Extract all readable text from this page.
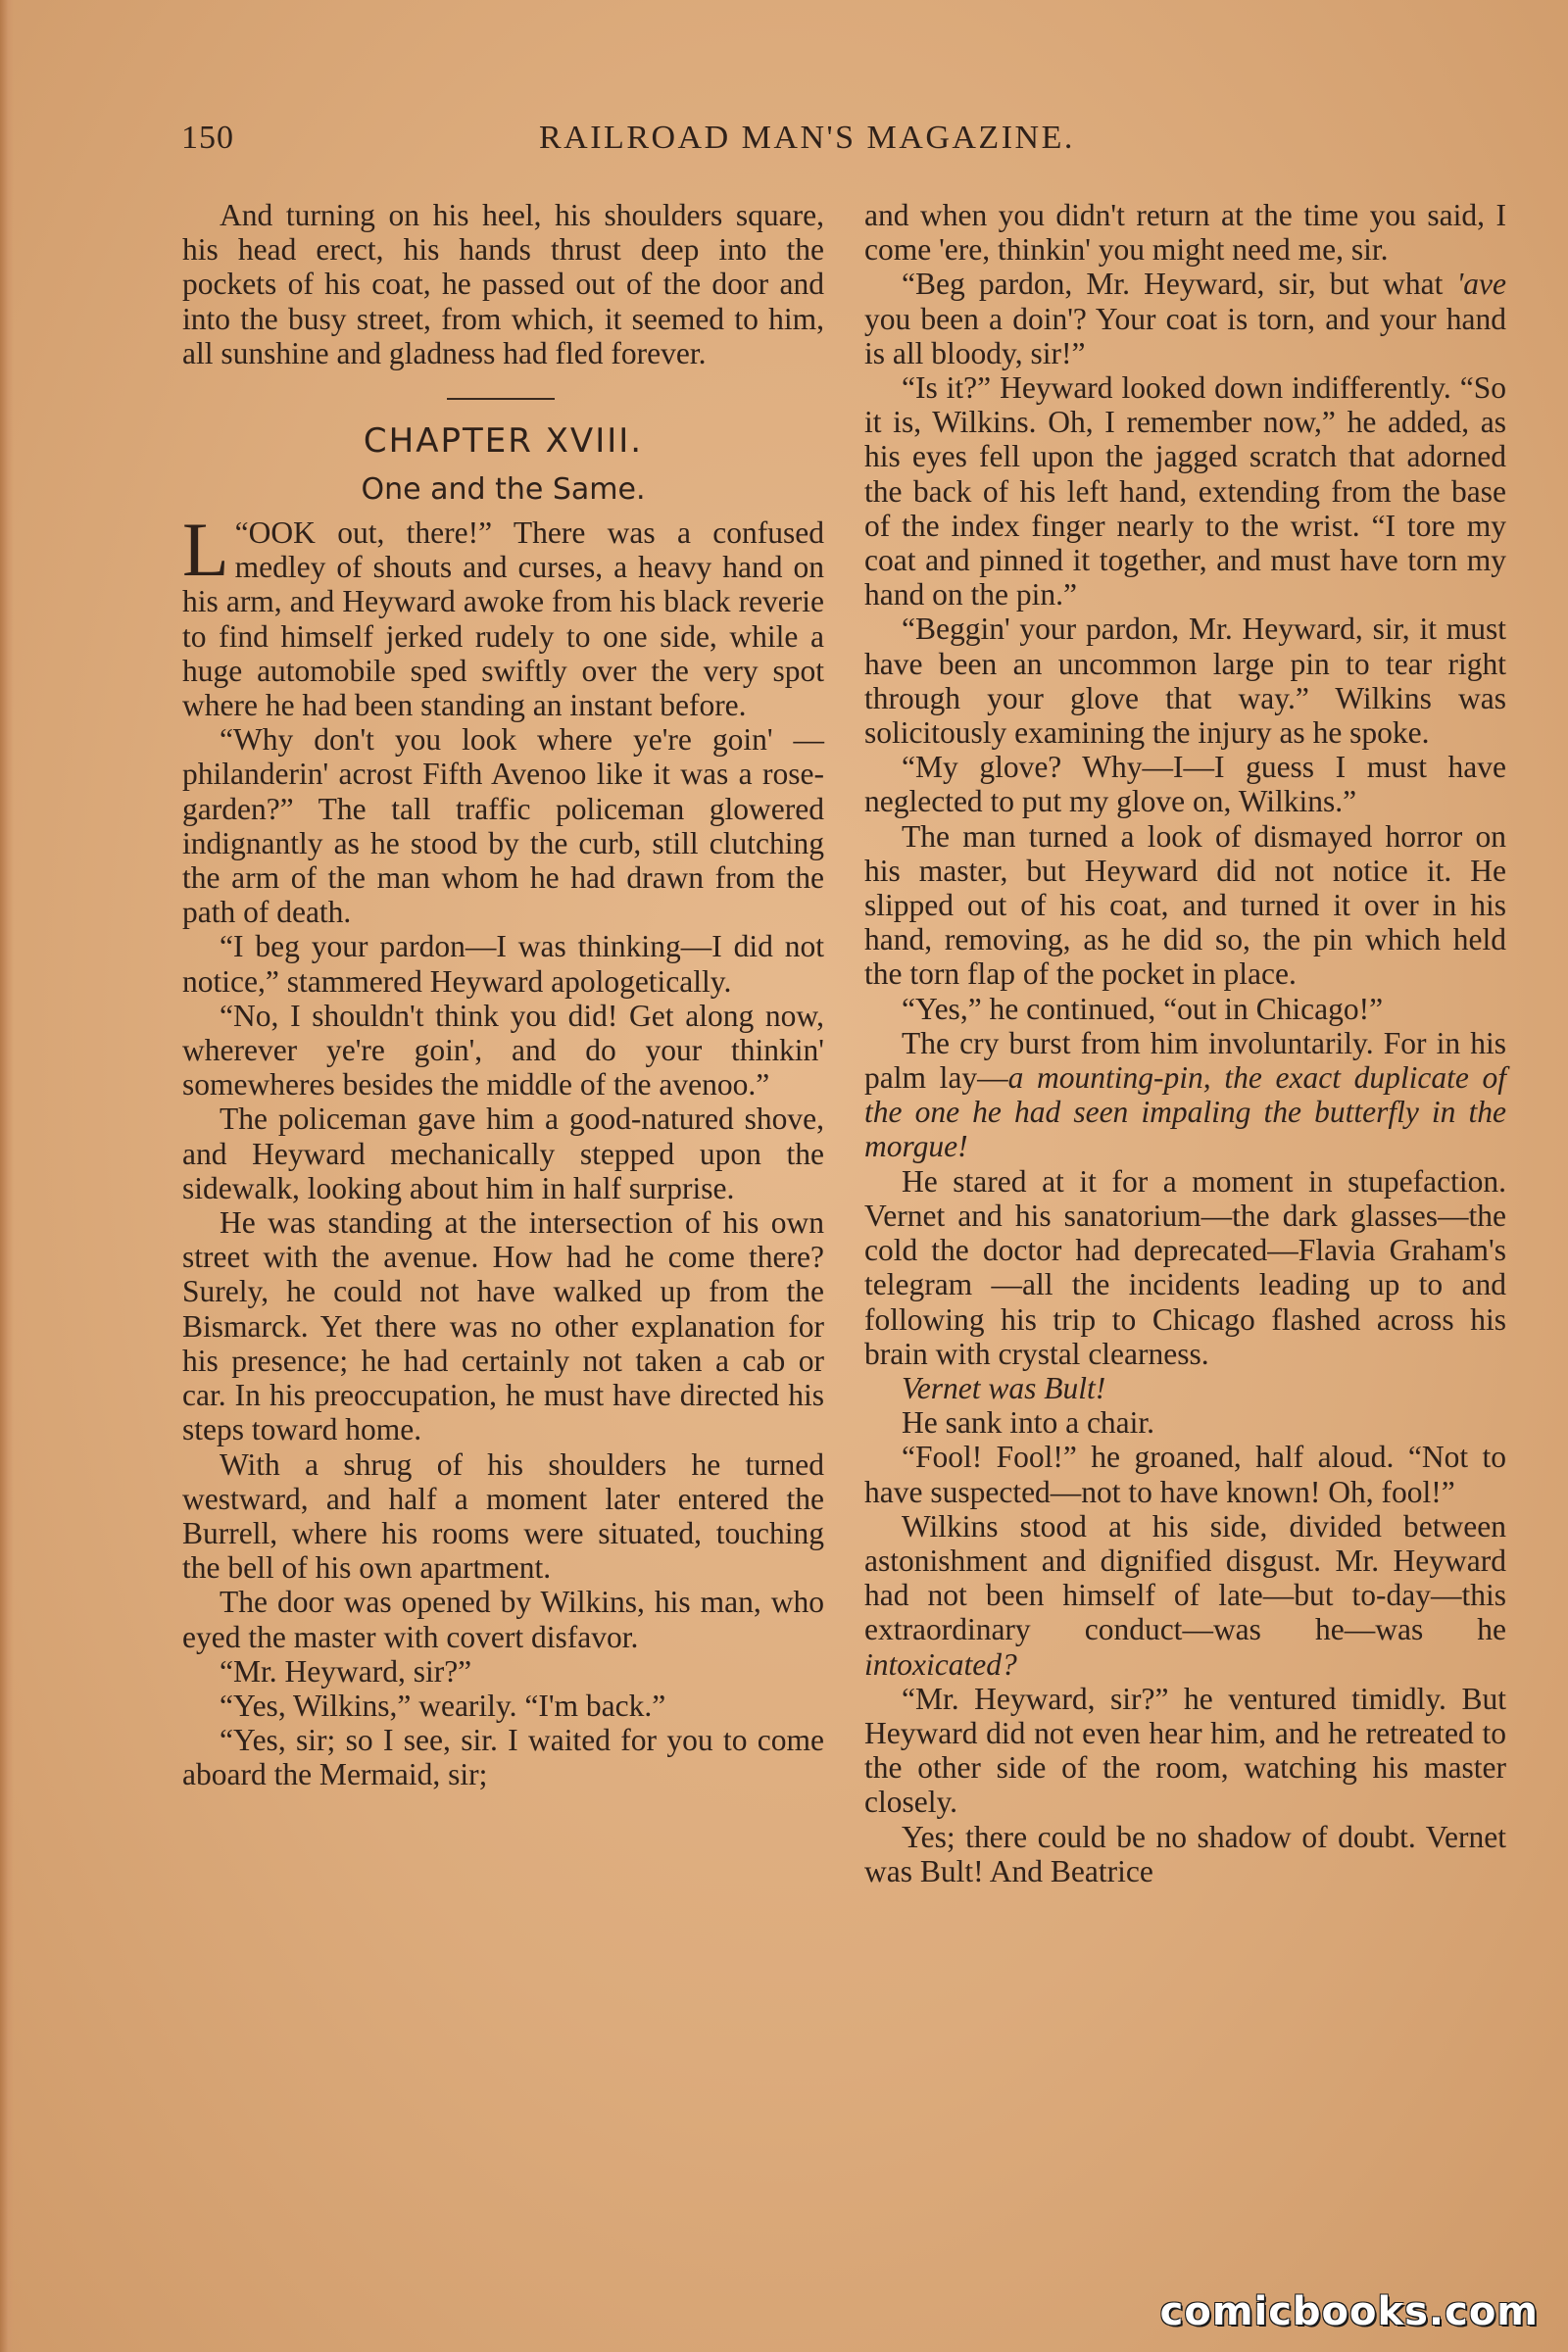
150	RAILROAD MAN'S MAGAZINE.

And turning on his heel, his shoulders square, his head erect, his hands thrust deep into the pockets of his coat, he passed out of the door and into the busy street, from which, it seemed to him, all sunshine and gladness had fled forever.

CHAPTER XVIII.
One and the Same.

“
L OOK out, there!” There was a confused medley of shouts and curses, a heavy hand on his arm, and Heyward awoke from his black reverie to find himself jerked rudely to one side, while a huge automobile sped swiftly over the very spot where he had been standing an instant before.

“Why don't you look where ye're goin' —philanderin' acrost Fifth Avenoo like it was a rose-garden?” The tall traffic policeman glowered indignantly as he stood by the curb, still clutching the arm of the man whom he had drawn from the path of death.

“I beg your pardon—I was thinking—I did not notice,” stammered Heyward apologetically.

“No, I shouldn't think you did! Get along now, wherever ye're goin', and do your thinkin' somewheres besides the middle of the avenoo.”

The policeman gave him a good-natured shove, and Heyward mechanically stepped upon the sidewalk, looking about him in half surprise.

He was standing at the intersection of his own street with the avenue. How had he come there? Surely, he could not have walked up from the Bismarck. Yet there was no other explanation for his presence; he had certainly not taken a cab or car. In his preoccupation, he must have directed his steps toward home.

With a shrug of his shoulders he turned westward, and half a moment later entered the Burrell, where his rooms were situated, touching the bell of his own apartment.

The door was opened by Wilkins, his man, who eyed the master with covert disfavor.

“Mr. Heyward, sir?”

“Yes, Wilkins,” wearily. “I'm back.”

“Yes, sir; so I see, sir. I waited for you to come aboard the Mermaid, sir;

and when you didn't return at the time you said, I come 'ere, thinkin' you might need me, sir.

“Beg pardon, Mr. Heyward, sir, but what 'ave you been a doin'? Your coat is torn, and your hand is all bloody, sir!”

“Is it?” Heyward looked down indifferently. “So it is, Wilkins. Oh, I remember now,” he added, as his eyes fell upon the jagged scratch that adorned the back of his left hand, extending from the base of the index finger nearly to the wrist. “I tore my coat and pinned it together, and must have torn my hand on the pin.”

“Beggin' your pardon, Mr. Heyward, sir, it must have been an uncommon large pin to tear right through your glove that way.” Wilkins was solicitously examining the injury as he spoke.

“My glove? Why—I—I guess I must have neglected to put my glove on, Wilkins.”

The man turned a look of dismayed horror on his master, but Heyward did not notice it. He slipped out of his coat, and turned it over in his hand, removing, as he did so, the pin which held the torn flap of the pocket in place.

“Yes,” he continued, “out in Chicago!”

The cry burst from him involuntarily. For in his palm lay—a mounting-pin, the exact duplicate of the one he had seen impaling the butterfly in the morgue!

He stared at it for a moment in stupefaction. Vernet and his sanatorium—the dark glasses—the cold the doctor had deprecated—Flavia Graham's telegram —all the incidents leading up to and following his trip to Chicago flashed across his brain with crystal clearness.

Vernet was Bult!

He sank into a chair.

“Fool! Fool!” he groaned, half aloud. “Not to have suspected—not to have known! Oh, fool!”

Wilkins stood at his side, divided between astonishment and dignified disgust. Mr. Heyward had not been himself of late—but to-day—this extraordinary conduct—was he—was he intoxicated?

“Mr. Heyward, sir?” he ventured timidly. But Heyward did not even hear him, and he retreated to the other side of the room, watching his master closely.

Yes; there could be no shadow of doubt. Vernet was Bult! And Beatrice

comicbooks.com
